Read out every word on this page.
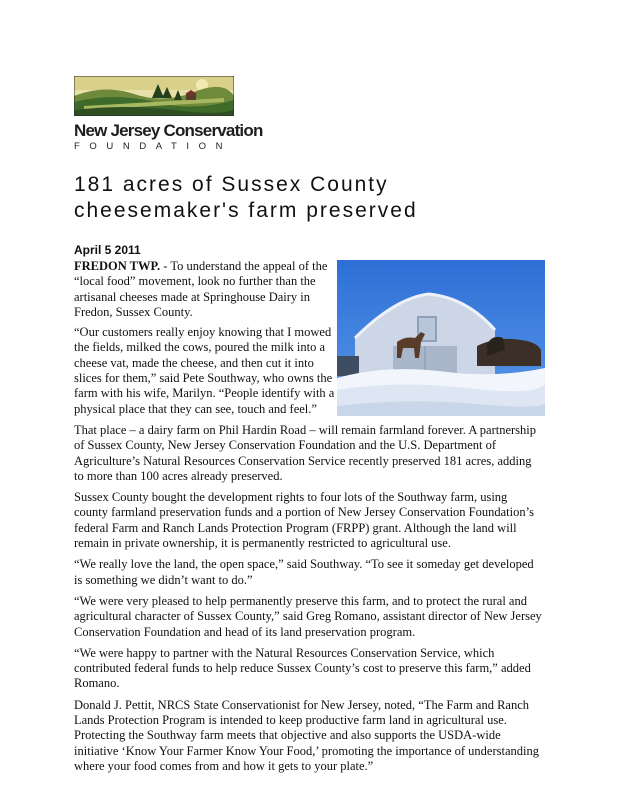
New Jersey Conservation
FOUNDATION
181 acres of Sussex County cheesemaker's farm preserved
April 5 2011

FREDON TWP. - To understand the appeal of the “local food” movement, look no further than the artisanal cheeses made at Springhouse Dairy in Fredon, Sussex County.

“Our customers really enjoy knowing that I mowed the fields, milked the cows, poured the milk into a cheese vat, made the cheese, and then cut it into slices for them,” said Pete Southway, who owns the farm with his wife, Marilyn. “People identify with a physical place that they can see, touch and feel.”

That place – a dairy farm on Phil Hardin Road – will remain farmland forever. A partnership of Sussex County, New Jersey Conservation Foundation and the U.S. Department of Agriculture’s Natural Resources Conservation Service recently preserved 181 acres, adding to more than 100 acres already preserved.

Sussex County bought the development rights to four lots of the Southway farm, using county farmland preservation funds and a portion of New Jersey Conservation Foundation’s federal Farm and Ranch Lands Protection Program (FRPP) grant. Although the land will remain in private ownership, it is permanently restricted to agricultural use.

“We really love the land, the open space,” said Southway. “To see it someday get developed is something we didn’t want to do.”

“We were very pleased to help permanently preserve this farm, and to protect the rural and agricultural character of Sussex County,” said Greg Romano, assistant director of New Jersey Conservation Foundation and head of its land preservation program.

“We were happy to partner with the Natural Resources Conservation Service, which contributed federal funds to help reduce Sussex County’s cost to preserve this farm,” added Romano.

Donald J. Pettit, NRCS State Conservationist for New Jersey, noted, “The Farm and Ranch Lands Protection Program is intended to keep productive farm land in agricultural use. Protecting the Southway farm meets that objective and also supports the USDA-wide initiative ‘Know Your Farmer Know Your Food,’ promoting the importance of understanding where your food comes from and how it gets to your plate.”
